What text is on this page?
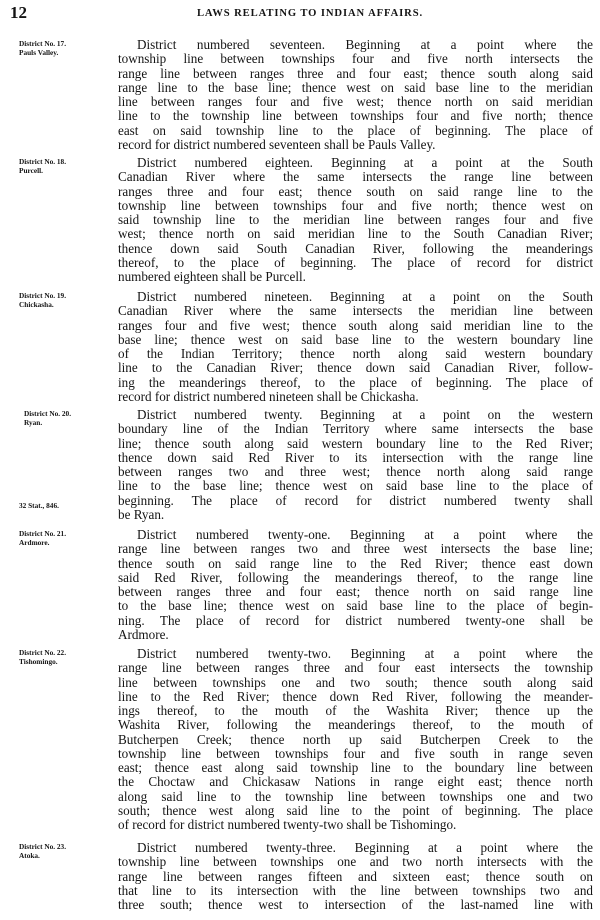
12	LAWS RELATING TO INDIAN AFFAIRS.
District No. 17.
Pauls Valley.
District No. 18.
Purcell.
District No. 19.
Chickasha.
District No. 20.
Ryan.
32 Stat., 846.
District No. 21.
Ardmore.
District No. 22.
Tishomingo.
District No. 23.
Atoka.
District numbered seventeen. Beginning at a point where the
township line between townships four and five north intersects the
range line between ranges three and four east; thence south along said
range line to the base line; thence west on said base line to the meridian
line between ranges four and five west; thence north on said meridian
line to the township line between townships four and five north; thence
east on said township line to the place of beginning. The place of
record for district numbered seventeen shall be Pauls Valley.
District numbered eighteen. Beginning at a point at the South
Canadian River where the same intersects the range line between
ranges three and four east; thence south on said range line to the
township line between townships four and five north; thence west on
said township line to the meridian line between ranges four and five
west; thence north on said meridian line to the South Canadian River;
thence down said South Canadian River, following the meanderings
thereof, to the place of beginning. The place of record for district
numbered eighteen shall be Purcell.
District numbered nineteen. Beginning at a point on the South
Canadian River where the same intersects the meridian line between
ranges four and five west; thence south along said meridian line to the
base line; thence west on said base line to the western boundary line
of the Indian Territory; thence north along said western boundary
line to the Canadian River; thence down said Canadian River, follow-
ing the meanderings thereof, to the place of beginning. The place of
record for district numbered nineteen shall be Chickasha.
District numbered twenty. Beginning at a point on the western
boundary line of the Indian Territory where same intersects the base
line; thence south along said western boundary line to the Red River;
thence down said Red River to its intersection with the range line
between ranges two and three west; thence north along said range
line to the base line; thence west on said base line to the place of
beginning. The place of record for district numbered twenty shall
be Ryan.
District numbered twenty-one. Beginning at a point where the
range line between ranges two and three west intersects the base line;
thence south on said range line to the Red River; thence east down
said Red River, following the meanderings thereof, to the range line
between ranges three and four east; thence north on said range line
to the base line; thence west on said base line to the place of begin-
ning. The place of record for district numbered twenty-one shall be
Ardmore.
District numbered twenty-two. Beginning at a point where the
range line between ranges three and four east intersects the township
line between townships one and two south; thence south along said
line to the Red River; thence down Red River, following the meander-
ings thereof, to the mouth of the Washita River; thence up the
Washita River, following the meanderings thereof, to the mouth of
Butcherpen Creek; thence north up said Butcherpen Creek to the
township line between townships four and five south in range seven
east; thence east along said township line to the boundary line between
the Choctaw and Chickasaw Nations in range eight east; thence north
along said line to the township line between townships one and two
south; thence west along said line to the point of beginning. The place
of record for district numbered twenty-two shall be Tishomingo.
District numbered twenty-three. Beginning at a point where the
township line between townships one and two north intersects with the
range line between ranges fifteen and sixteen east; thence south on
that line to its intersection with the line between townships two and
three south; thence west to intersection of the last-named line with
